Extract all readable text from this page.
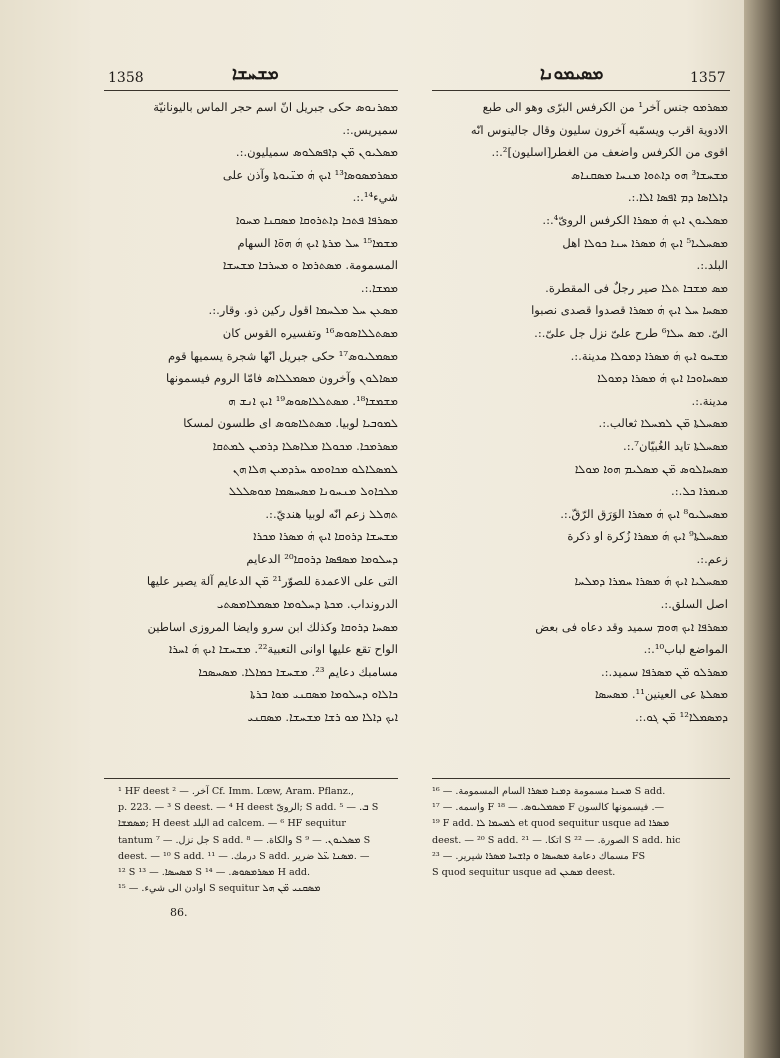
1358	ܡܫܚܫܐ
ܡܣܪܢܘܣ حكى جبريل انّ اسم حجر الماس باليونانيّة
سميريس.:.
ܡܣܠܝܘܢ ܡ̈ܢ ܕܐܦܣܠܘܣ سميليون.:.
ܡܣܪܡܣܘܣܐ¹³ ܐܝܟ ܗܿ ܡܢ̈ܝܘܬܐ وآذن على
شيء¹⁴.:.
ܡܣܪܦܐ ܦܬܟܐ ܕܐܬܪܘܩܐ ܡܣܩܢܐ ܡܚܘܐ
ܡܫܡܐ¹⁵ ܚܠ ܡܪܬܐ ܐܝܟ ܗܿ ܗܘ̈ܐ السهام
المسمومة. ܡܣܬܪܡܐ ܘ ܡܚܪܒܐ ܡܫܚܫܐ
ܡܡܫܐ.:.
ܡܣܥܢ ܚܠ ܡܠܚܡܐ اقول ركين ذو. وقار.:.
ܡܣܬܠܠܐܣܘܣ¹⁶ وتفسيره القوس كان
ܡܣܡܠܝܘܣ¹⁷ حكى جبريل انّها شجرة يسميها قوم
ܡܣܐܠܘܢ وآخرون ܡܣܡܠܠܐܣ فامّا الروم فيسمونها
ܡܫܡܫܐ¹⁸. ܡܣܬܠܠܐܣܘܣ¹⁹ ܐܝܟ ܐܢܫ ܗ
ܠܡܘܒܝܐ لوبيا. ܡܣܬܠܐܣܘܣ اى طلسون لمسكا
ܡܣܪܡܟܐ. ܡܟܘܠܐ ܡܠܐܣܠܐ ܕܪܡܝܢ ܠܡܬܩܐ
ܠܡܣܠܐܠܘ ܡܟܐܘܡܘ ܚܪܕܡܝܢ ܗܠܐ ܗܢ
ܡܠܟܐܘܠ ܡܢܚܘܢܐ ܡܣܚܣܡܐ ܡܘܣܠܠܠ
ܬܗܠܠ زعم انّه لوبيا هنديّ.:.
ܡܫܚܫܐ ܕܪܘܩܐ ܐܝܟ ܗܿ ܡܣܪܐ ܡܟܪܐ
ܕܚܠܘܡܐ ܡܣܦܣܐ ܕܪܘܩܐ²⁰ الدعايم
التى على الاعمدة للصوّر²¹ ܡ̈ܢ الدعايم آلة يصير عليها
الدرونداب. ܡܟܬܐ ܕܚܠܘܡܐ ܡܣܡܠܐܡܣܬܝ
ܡܣܚܐ ܕܪܘܩܐ وكذلك ابن سرو وايضا المروزى اساطين
الواح تقع عليها اوانى التعبية²². ܡܫܚܫܐ ܐܝܟ ܗܿ ܐܚܪܐ
مسامبك دعايم ²³. ܡܫܚܫܐ ܟܡܐܠܐ. ܡܣܚܣܟܐ
ܟܐܠܐܘ ܕܚܠܘܡܐ ܡܣܩܢܝ ܡܘܐ ܒܪܬܐ
ܐܝܟ ܕܐܠܐ ܡܘ ܪܫܐ ܡܫܚܫܐ. ܡܣܩܢܝ
¹ HF deest آخر. — ² Cf. Imm. Lœw, Aram. Pflanz.,
p. 223. — ³ S deest. — ⁴ H deest الروىّ; S add. ܒ. — ⁵ S
ܡܣܡܫܐ; H deest البلد ad calcem. — ⁶ HF sequitur
tantum جل نزل. — ⁷ S add. والكاة. — ⁸ S ܡܣܠܝܘܢ. — ⁹ S
deest. — ¹⁰ S add. درمك. — ¹¹ S add. ܡܣܢܐ ܥ̈ܠ ضرير. —
¹² S ܡܣܚܣܐ. — ¹³ S ܡܣܪܡܣܘܣ. — ¹⁴ H add.
اوادن الى شيء. — ¹⁵ S sequitur ܡܣܩܢܝ ܡ̈ܢ ܗܠ
86.
ܡܣܝܡܘܢܐ	1357
ܡܣܪܡܘ جنس آخر¹ من الكرفس البرّى وهو الى طبع
الادوية اقرب ويسمّيه آخرون سليون وقال جالينوس انّه
اقوى من الكرفس واضعف من الغطر[اسليون]².:.
ܡܫܚܫܐ³ ܗܘ ܕܐܬܘܐ ܡܢܚܐ ܡܣܩܢܐܣ
ܕܐܠܐܣܐ ܕܡ ܐܦܣܐ ܐܠܐ.:.
ܡܣܠܝܘܢ ܐܝܟ ܗܿ ܡܣܪܐ الكرفس الروىّ⁴.:.
ܡܣܚܠܝܐ⁵ ܐܝܟ ܗܿ ܡܣܪܐ ܚܢܐ ܟܘܠܐ اهل
البلد.:.
ܡܣ ܡܫܒܐ ܬܠܐ صير رجلٌ فى المقطرة.
ܡܣܚܐ ܚܠ ܐܝܟ ܗܿ ܡܣܪܐ قصدوا قصدى نصبوا
الىّ. ܡܣ ܚܠܐ⁶ طرح علىّ نزل جل علىّ.:.
ܡܫܚܘ ܐܝܟ ܗܿ ܡܣܪܐ ܕܡܘܠܐ مدينة.:.
ܡܣܚܐܘܟܐ ܐܝܟ ܗܿ ܡܣܪܐ ܕܡܘܠܐ
مدينة.:.
ܡܣܚܠܬܐ ܡ̈ܢ ܠܡܚܠܐ ثعالب.:.
ܡܣܚܠܬܐ تايد الغُبيّان⁷.:.
ܡܣܚܐܠܘܣ ܡ̈ܢ ܡܣܠܝܡ ܗܘܐ ܡܘܠܐ
ܡܝܡܪܐ ܟܠ.:.
ܡܣܚܠܝܘ⁸ ܐܝܟ ܗܿ ܡܣܪܐ الوَرَق الرّقّ.:.
ܡܣܚܠܬܐ⁹ ܐܝܟ ܗܿ ܡܣܪܐ زُكرة او ذكرة
زعم.:.
ܡܣܚܠܝܐ ܐܝܟ ܗܿ ܡܣܪܐ ܚܡܪܐ ܕܡܠܚܐ
اصل السلق.:.
ܡܣܪܦܐ ܐܝܟ ܗܘܡ سميد وقد دعاه فى بعض
المواضع لباب¹⁰.:.
ܡܣܪܠܘ ܡ̈ܢ ܡܣܪܦܐ سميد.:.
ܡܣܠܬܐ عى العينين¹¹. ܡܣܚܣܐ
ܕܡܣܡܠܐ¹² ܡ̈ܢ ܓܘ.:.
ܡܚܢܐ مسمومة ܕܡܢܐ ܡܣܪܐ السام المسمومة. — ¹⁶ S add.
واسمه. — ¹⁷ F ܡܣܡܠܝܘܣ. — ¹⁸ F فيسمونها كالسون .—
¹⁹ F add. ܠܡܚܡܐ ܠܐ et quod sequitur usque ad ܡܣܪܐ
deest. — ²⁰ S add. اتكا. — ²¹ S الصورة. — ²² S add. hic
مسماك دعامة ܡܣܚܣܐ ܘ ܕܐܫܚܐ ܡܣܪܐ شيرير. — ²³ FS
S quod sequitur usque ad ܡܣܥܢ deest.
